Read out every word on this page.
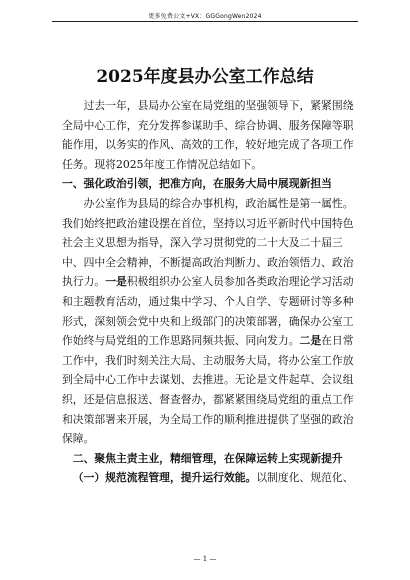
更多免费公文+VX：GGGongWen2024
2025年度县办公室工作总结

过去一年，县局办公室在局党组的坚强领导下，紧紧围绕全局中心工作，充分发挥参谋助手、综合协调、服务保障等职能作用，以务实的作风、高效的工作，较好地完成了各项工作任务。现将2025年度工作情况总结如下。

一、强化政治引领，把准方向，在服务大局中展现新担当

办公室作为县局的综合办事机构，政治属性是第一属性。

我们始终把政治建设摆在首位，坚持以习近平新时代中国特色社会主义思想为指导，深入学习贯彻党的二十大及二十届三中、四中全会精神，不断提高政治判断力、政治领悟力、政治执行力。一是积极组织办公室人员参加各类政治理论学习活动和主题教育活动，通过集中学习、个人自学、专题研讨等多种形式，深刻领会党中央和上级部门的决策部署，确保办公室工作始终与局党组的工作思路同频共振、同向发力。二是在日常工作中，我们时刻关注大局、主动服务大局，将办公室工作放到全局中心工作中去谋划、去推进。无论是文件起草、会议组织，还是信息报送、督查督办，都紧紧围绕局党组的重点工作和决策部署来开展，为全局工作的顺利推进提供了坚强的政治保障。

二、聚焦主责主业，精细管理，在保障运转上实现新提升

（一）规范流程管理，提升运行效能。以制度化、规范化、

— 1 —
